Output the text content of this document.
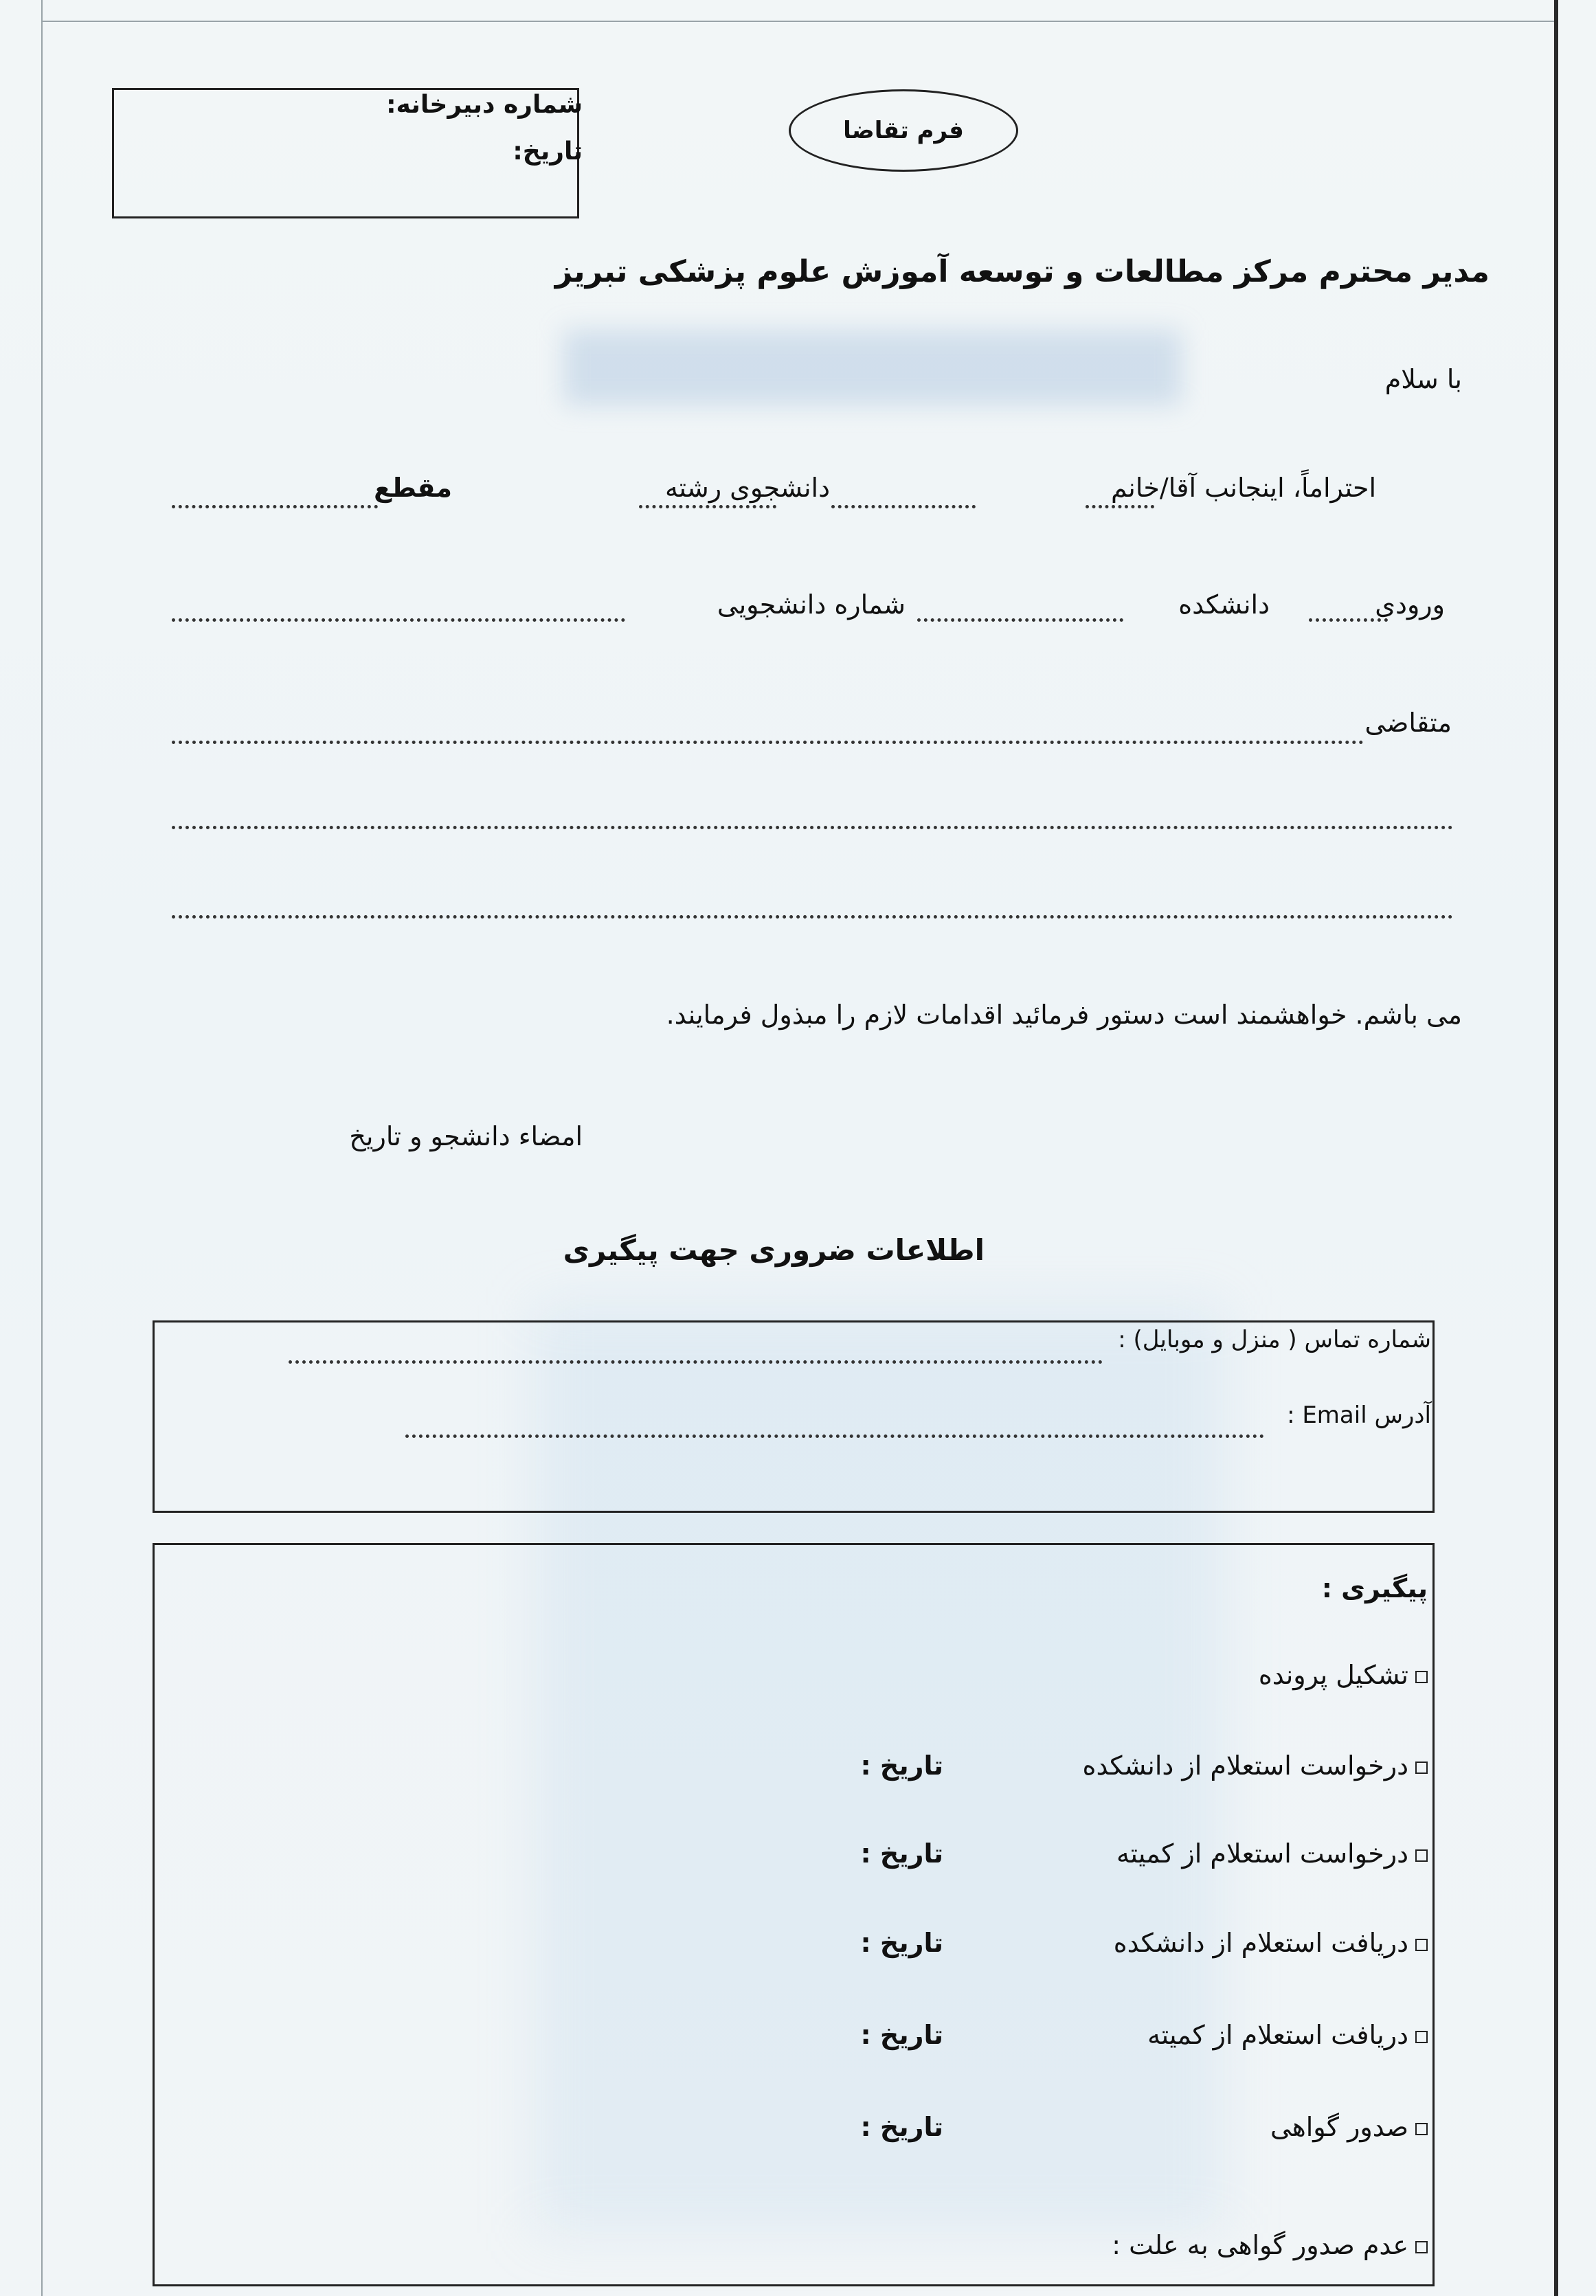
شماره دبیرخانه:
تاریخ:
فرم تقاضا
مدیر محترم مرکز مطالعات و توسعه آموزش علوم پزشکی تبریز
با سلام
احتراماً، اینجانب آقا/خانم
دانشجوی رشته
مقطع
ورودی
دانشکده
شماره دانشجویی
متقاضی
می باشم. خواهشمند است دستور فرمائید اقدامات لازم را مبذول فرمایند.
امضاء دانشجو و تاریخ
اطلاعات ضروری جهت پیگیری
شماره تماس ( منزل و موبایل) :
آدرس Email :
پیگیری :
تشکیل پرونده
درخواست استعلام از دانشکده
تاریخ :
درخواست استعلام از کمیته
تاریخ :
دریافت استعلام از دانشکده
تاریخ :
دریافت استعلام از کمیته
تاریخ :
صدور گواهی
تاریخ :
عدم صدور گواهی به علت :
